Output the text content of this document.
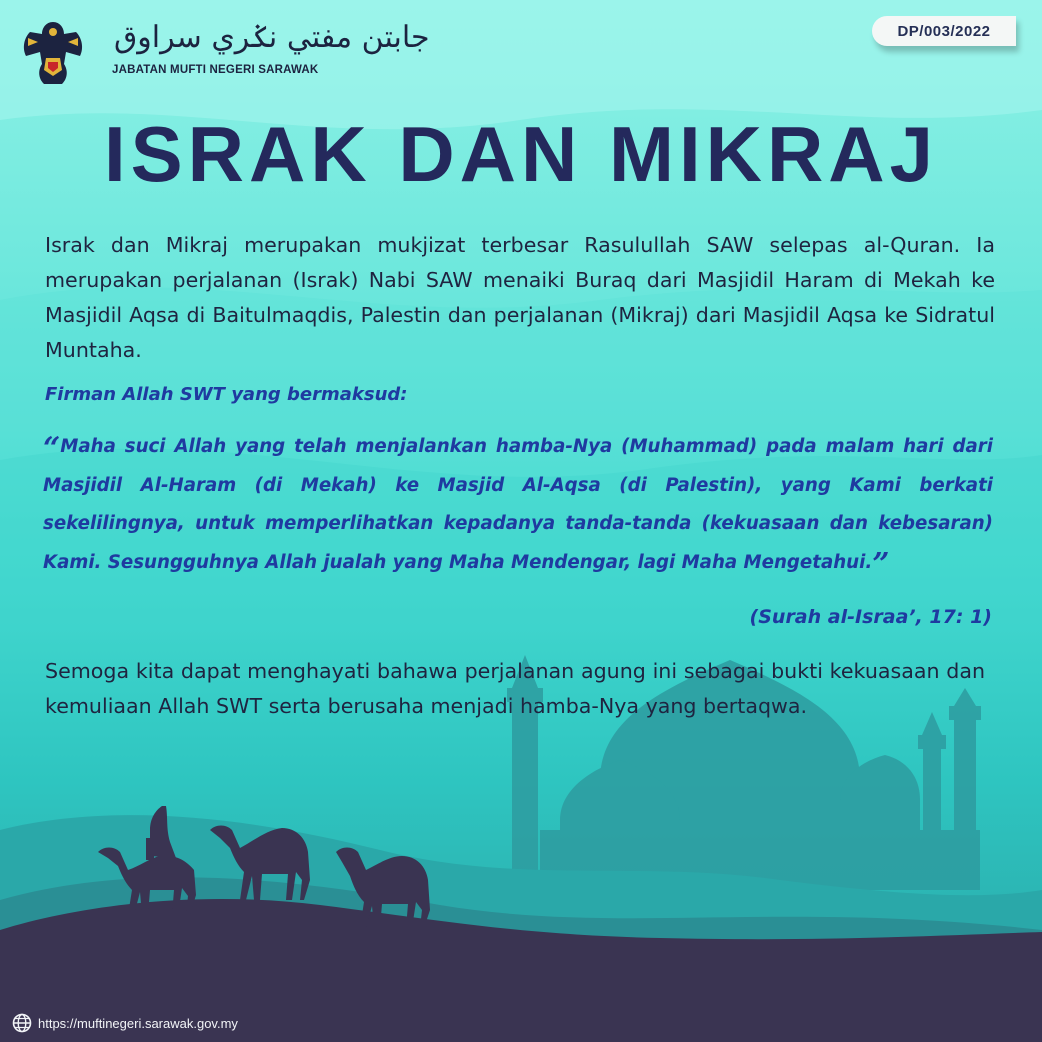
جابتن مفتي نݢري سراوق
JABATAN MUFTI NEGERI SARAWAK
DP/003/2022
ISRAK DAN MIKRAJ
Israk dan Mikraj merupakan mukjizat terbesar Rasulullah SAW selepas al-Quran. Ia merupakan perjalanan (Israk) Nabi SAW menaiki Buraq dari Masjidil Haram di Mekah ke Masjidil Aqsa di Baitulmaqdis, Palestin dan perjalanan (Mikraj) dari Masjidil Aqsa ke Sidratul Muntaha.
Firman Allah SWT yang bermaksud:
“Maha suci Allah yang telah menjalankan hamba-Nya (Muhammad) pada malam hari dari Masjidil Al-Haram (di Mekah) ke Masjid Al-Aqsa (di Palestin), yang Kami berkati sekelilingnya, untuk memperlihatkan kepadanya tanda-tanda (kekuasaan dan kebesaran) Kami. Sesungguhnya Allah jualah yang Maha Mendengar, lagi Maha Mengetahui.”
(Surah al-Israa’, 17: 1)
Semoga kita dapat menghayati bahawa perjalanan agung ini sebagai bukti kekuasaan dan kemuliaan Allah SWT serta berusaha menjadi hamba-Nya yang bertaqwa.
https://muftinegeri.sarawak.gov.my
